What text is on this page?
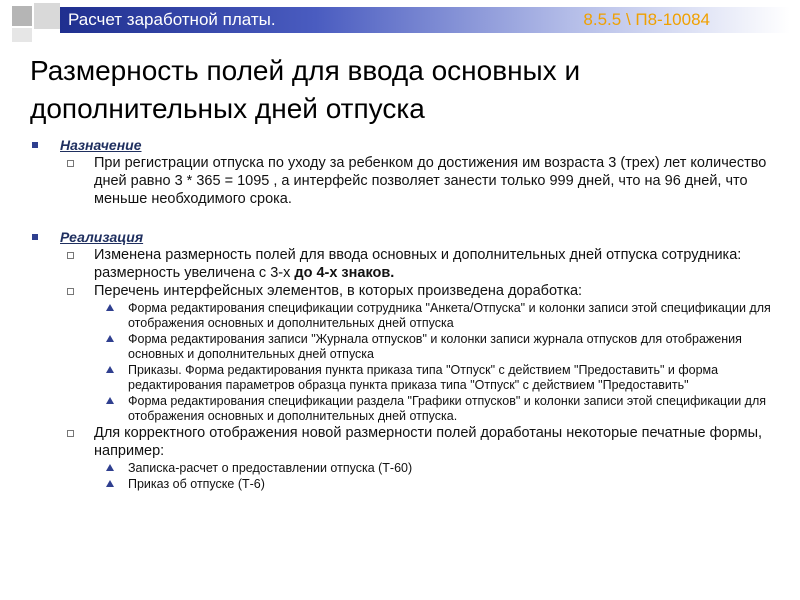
Расчет заработной платы.	8.5.5 \ П8-10084
Размерность полей для ввода основных и дополнительных дней отпуска
Назначение
При регистрации отпуска по уходу за ребенком до достижения им возраста 3 (трех) лет количество дней равно 3 * 365 = 1095 , а интерфейс позволяет занести только 999 дней, что на 96 дней, что меньше необходимого срока.
Реализация
Изменена размерность полей для ввода основных и дополнительных дней отпуска сотрудника: размерность увеличена с 3-х до 4-х знаков.
Перечень интерфейсных элементов, в которых произведена доработка:
Форма редактирования спецификации сотрудника "Анкета/Отпуска" и колонки записи этой спецификации для отображения основных и дополнительных дней отпуска
Форма редактирования записи "Журнала отпусков" и колонки записи журнала отпусков для отображения основных и дополнительных дней отпуска
Приказы. Форма редактирования пункта приказа типа "Отпуск" с действием "Предоставить" и форма редактирования параметров образца пункта приказа типа "Отпуск" с действием "Предоставить"
Форма редактирования спецификации раздела "Графики отпусков" и колонки записи этой спецификации для отображения основных и дополнительных дней отпуска.
Для корректного отображения новой размерности полей доработаны некоторые печатные формы, например:
Записка-расчет о предоставлении отпуска (Т-60)
Приказ об отпуске (Т-6)
